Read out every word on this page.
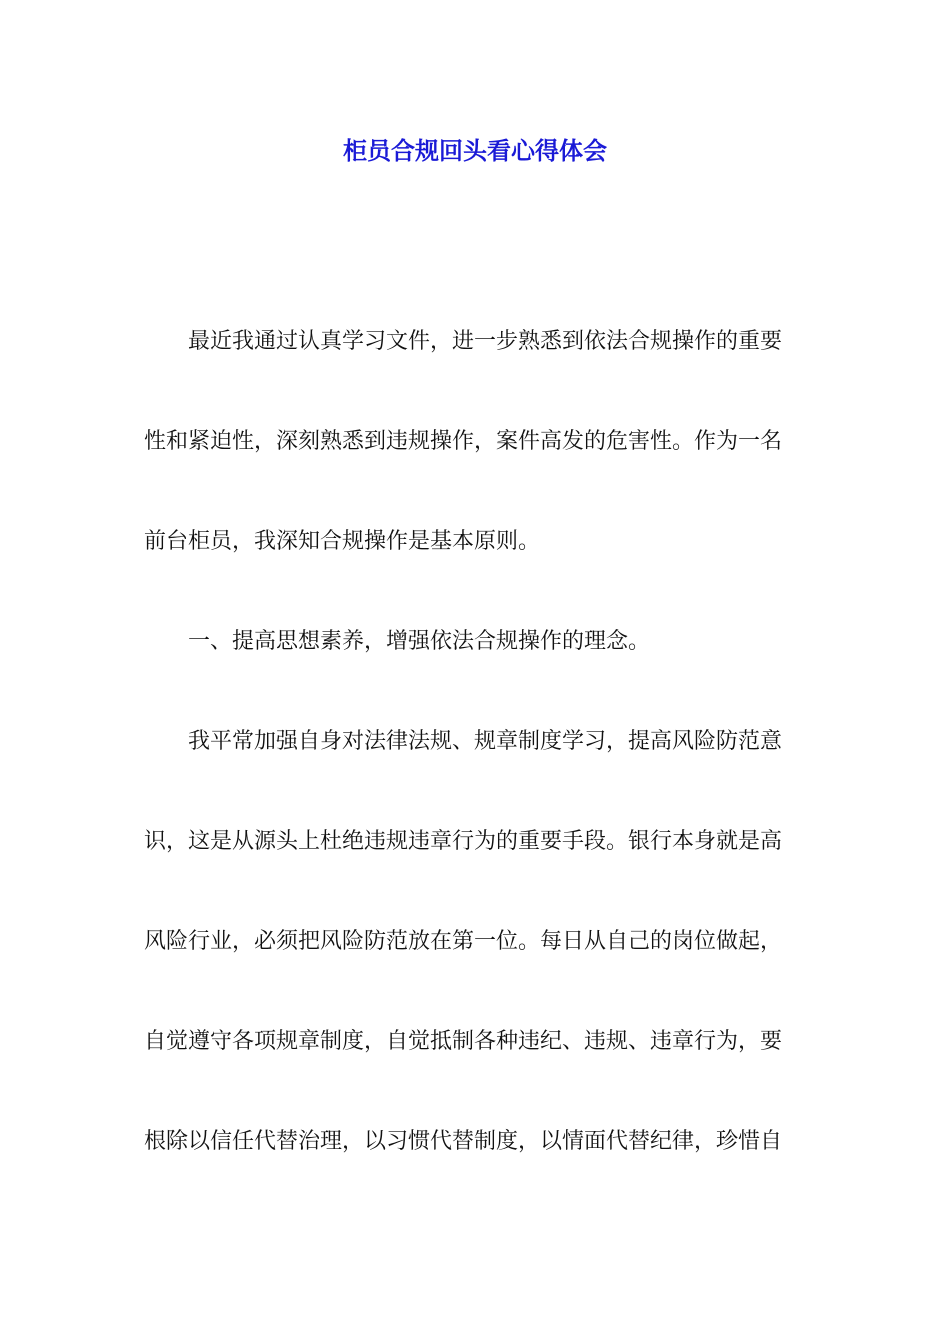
柜员合规回头看心得体会
最近我通过认真学习文件，进一步熟悉到依法合规操作的重要
性和紧迫性，深刻熟悉到违规操作，案件高发的危害性。作为一名
前台柜员，我深知合规操作是基本原则。
一、提高思想素养，增强依法合规操作的理念。
我平常加强自身对法律法规、规章制度学习，提高风险防范意
识，这是从源头上杜绝违规违章行为的重要手段。银行本身就是高
风险行业，必须把风险防范放在第一位。每日从自己的岗位做起，
自觉遵守各项规章制度，自觉抵制各种违纪、违规、违章行为，要
根除以信任代替治理，以习惯代替制度，以情面代替纪律，珍惜自
